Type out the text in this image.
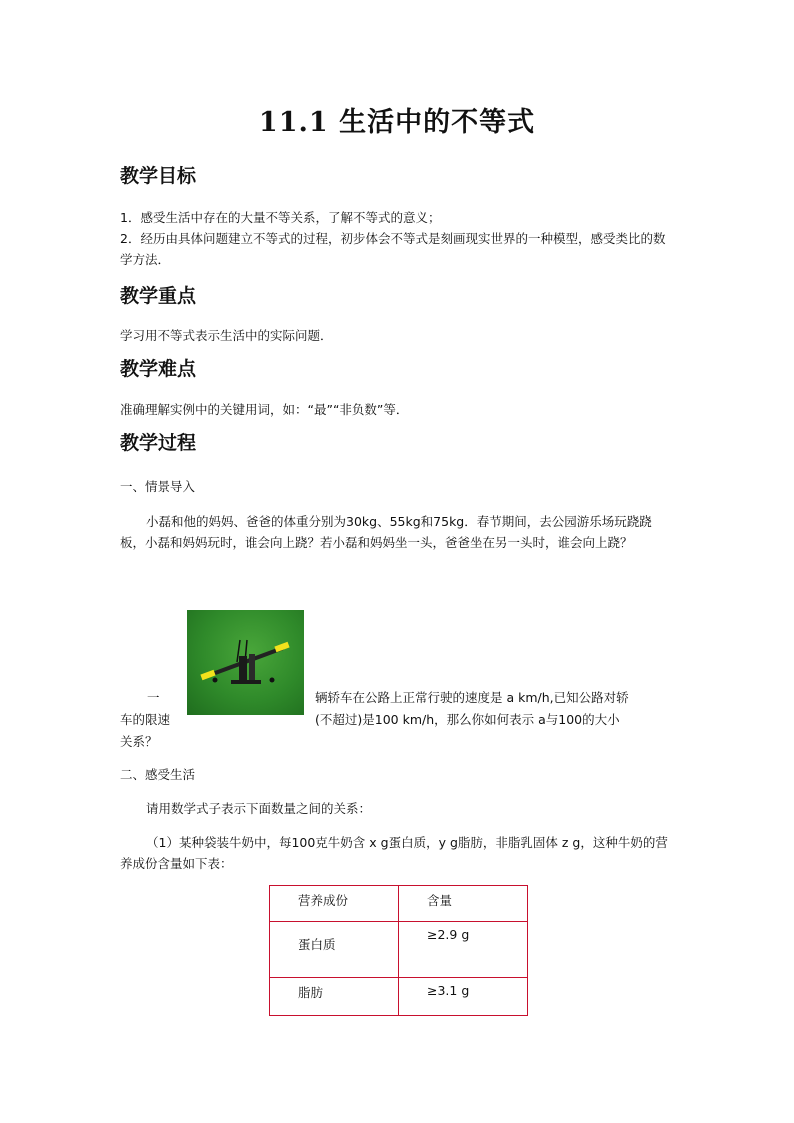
11.1 生活中的不等式
教学目标
1．感受生活中存在的大量不等关系，了解不等式的意义；
2．经历由具体问题建立不等式的过程，初步体会不等式是刻画现实世界的一种模型，感受类比的数学方法．
教学重点
学习用不等式表示生活中的实际问题．
教学难点
准确理解实例中的关键用词，如：“最”“非负数”等．
教学过程
一、情景导入
小磊和他的妈妈、爸爸的体重分别为30kg、55kg和75kg．春节期间，去公园游乐场玩跷跷板，小磊和妈妈玩时，谁会向上跷？若小磊和妈妈坐一头，爸爸坐在另一头时，谁会向上跷？
一	辆轿车在公路上正常行驶的速度是 a km/h,已知公路对轿
车的限速	(不超过)是100 km/h，那么你如何表示 a与100的大小
关系？
二、感受生活
请用数学式子表示下面数量之间的关系：
（1）某种袋装牛奶中，每100克牛奶含 x g蛋白质，y g脂肪，非脂乳固体 z g，这种牛奶的营养成份含量如下表：
营养成份	含量

蛋白质	≥2.9 g

脂肪	≥3.1 g
